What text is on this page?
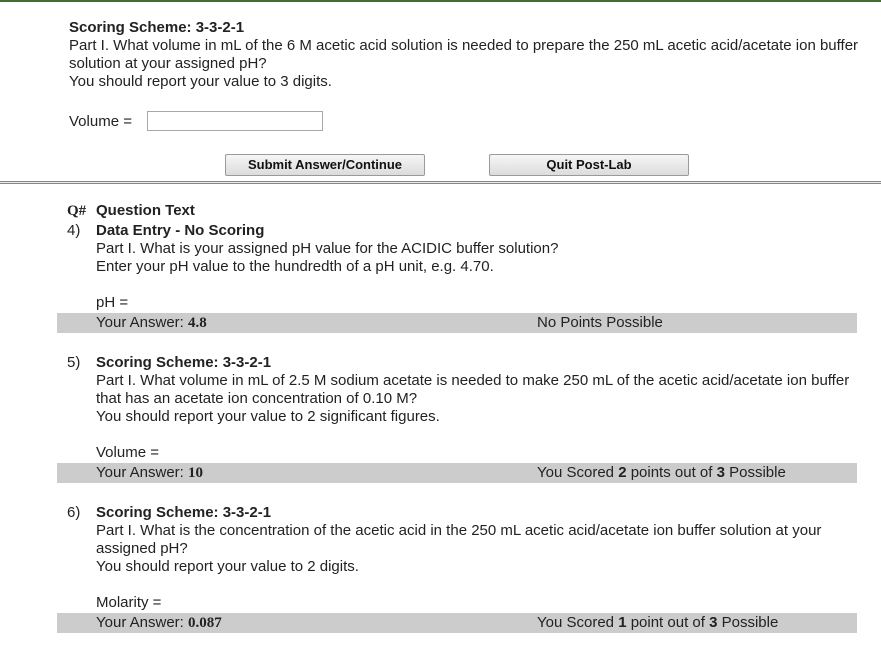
Scoring Scheme: 3-3-2-1
Part I. What volume in mL of the 6 M acetic acid solution is needed to prepare the 250 mL acetic acid/acetate ion buffer solution at your assigned pH?
You should report your value to 3 digits.
Volume =
Submit Answer/Continue	Quit Post-Lab
Q# Question Text
4) Data Entry - No Scoring
Part I. What is your assigned pH value for the ACIDIC buffer solution?
Enter your pH value to the hundredth of a pH unit, e.g. 4.70.
pH =
Your Answer: 4.8	No Points Possible
5) Scoring Scheme: 3-3-2-1
Part I. What volume in mL of 2.5 M sodium acetate is needed to make 250 mL of the acetic acid/acetate ion buffer that has an acetate ion concentration of 0.10 M?
You should report your value to 2 significant figures.
Volume =
Your Answer: 10	You Scored 2 points out of 3 Possible
6) Scoring Scheme: 3-3-2-1
Part I. What is the concentration of the acetic acid in the 250 mL acetic acid/acetate ion buffer solution at your assigned pH?
You should report your value to 2 digits.
Molarity =
Your Answer: 0.087	You Scored 1 point out of 3 Possible
